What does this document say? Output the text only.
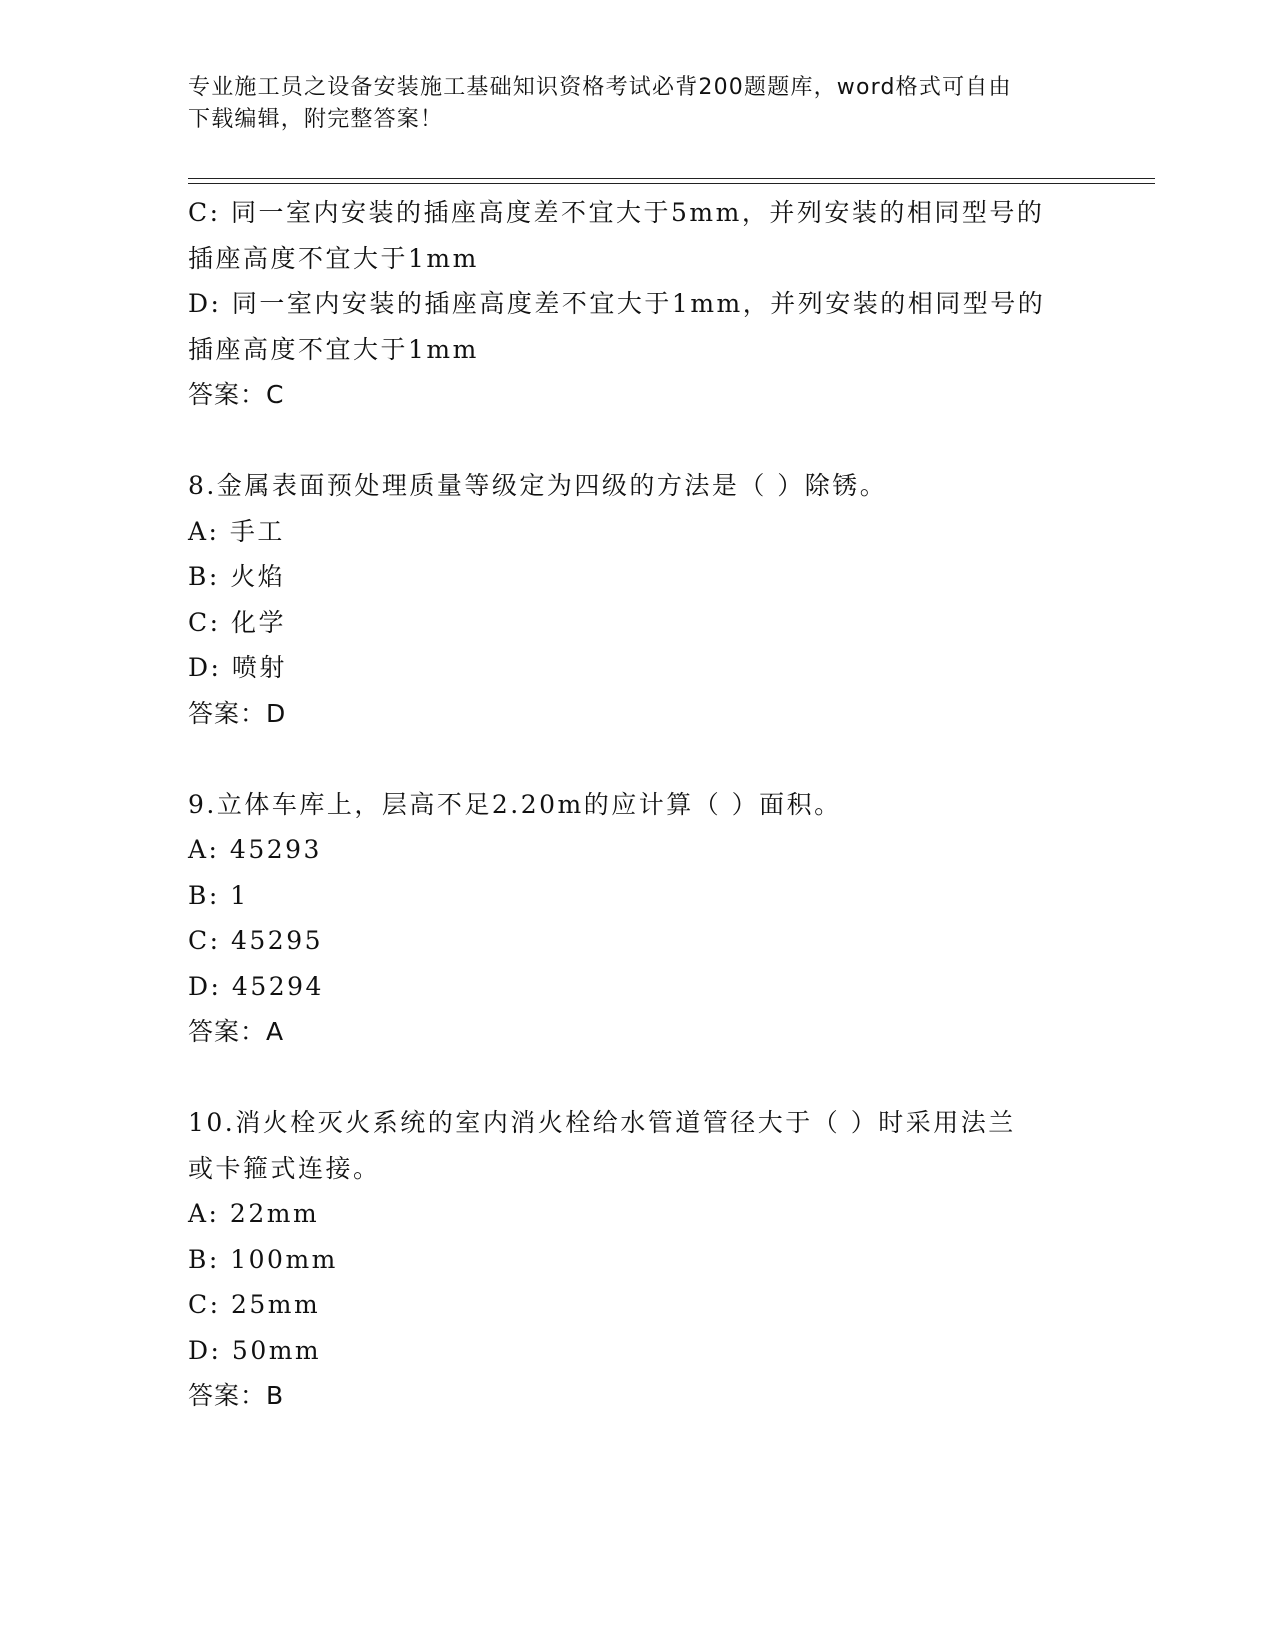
专业施工员之设备安装施工基础知识资格考试必背200题题库，word格式可自由
下载编辑，附完整答案！
C: 同一室内安装的插座高度差不宜大于5mm，并列安装的相同型号的
插座高度不宜大于1mm
D: 同一室内安装的插座高度差不宜大于1mm，并列安装的相同型号的
插座高度不宜大于1mm
答案：C
8.金属表面预处理质量等级定为四级的方法是（ ）除锈。
A: 手工
B: 火焰
C: 化学
D: 喷射
答案：D
9.立体车库上，层高不足2.20m的应计算（ ）面积。
A: 45293
B: 1
C: 45295
D: 45294
答案：A
10.消火栓灭火系统的室内消火栓给水管道管径大于（ ）时采用法兰
或卡箍式连接。
A: 22mm
B: 100mm
C: 25mm
D: 50mm
答案：B
